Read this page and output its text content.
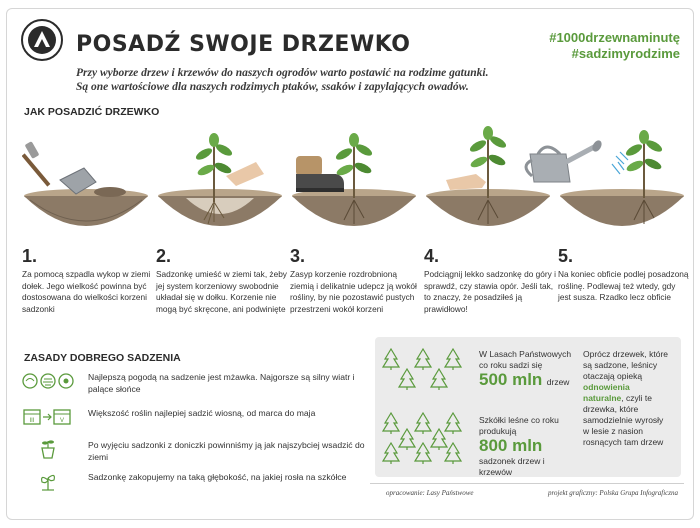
POSADŹ SWOJE DRZEWKO	#1000drzewnaminutę
#sadzimyrodzime
Przy wyborze drzew i krzewów do naszych ogrodów warto postawić na rodzime gatunki.
Są one wartościowe dla naszych rodzimych ptaków, ssaków i zapylających owadów.
JAK POSADZIĆ DRZEWKO
1.
Za pomocą szpadla wykop w ziemi dołek. Jego wielkość powinna być dostosowana do wielkości korzeni sadzonki
2.
Sadzonkę umieść w ziemi tak, żeby jej system korzeniowy swobodnie układał się w dołku. Korzenie nie mogą być skręcone, ani podwinięte
3.
Zasyp korzenie rozdrobnioną ziemią i delikatnie udepcz ją wokół rośliny, by nie pozostawić pustych przestrzeni wokół korzeni
4.
Podciągnij lekko sadzonkę do góry i sprawdź, czy stawia opór. Jeśli tak, to znaczy, że posadziłeś ją prawidłowo!
5.
Na koniec obficie podlej posadzoną roślinę. Podlewaj też wtedy, gdy jest susza. Rzadko lecz obficie
ZASADY DOBREGO SADZENIA
Najlepszą pogodą na sadzenie jest mżawka. Najgorsze są silny wiatr i palące słońce
III	V
Większość roślin najlepiej sadzić wiosną, od marca do maja
Po wyjęciu sadzonki z doniczki powinniśmy ją jak najszybciej wsadzić do ziemi
Sadzonkę zakopujemy na taką głębokość, na jakiej rosła na szkółce
W Lasach Państwowych co roku sadzi się
500 mln drzew
Szkółki leśne co roku produkują
800 mln
sadzonek drzew i krzewów
Oprócz drzewek, które są sadzone, leśnicy otaczają opieką odnowienia naturalne, czyli te drzewka, które samodzielnie wyrosły w lesie z nasion rosnących tam drzew
opracowanie: Lasy Państwowe	projekt graficzny: Polska Grupa Infograficzna
